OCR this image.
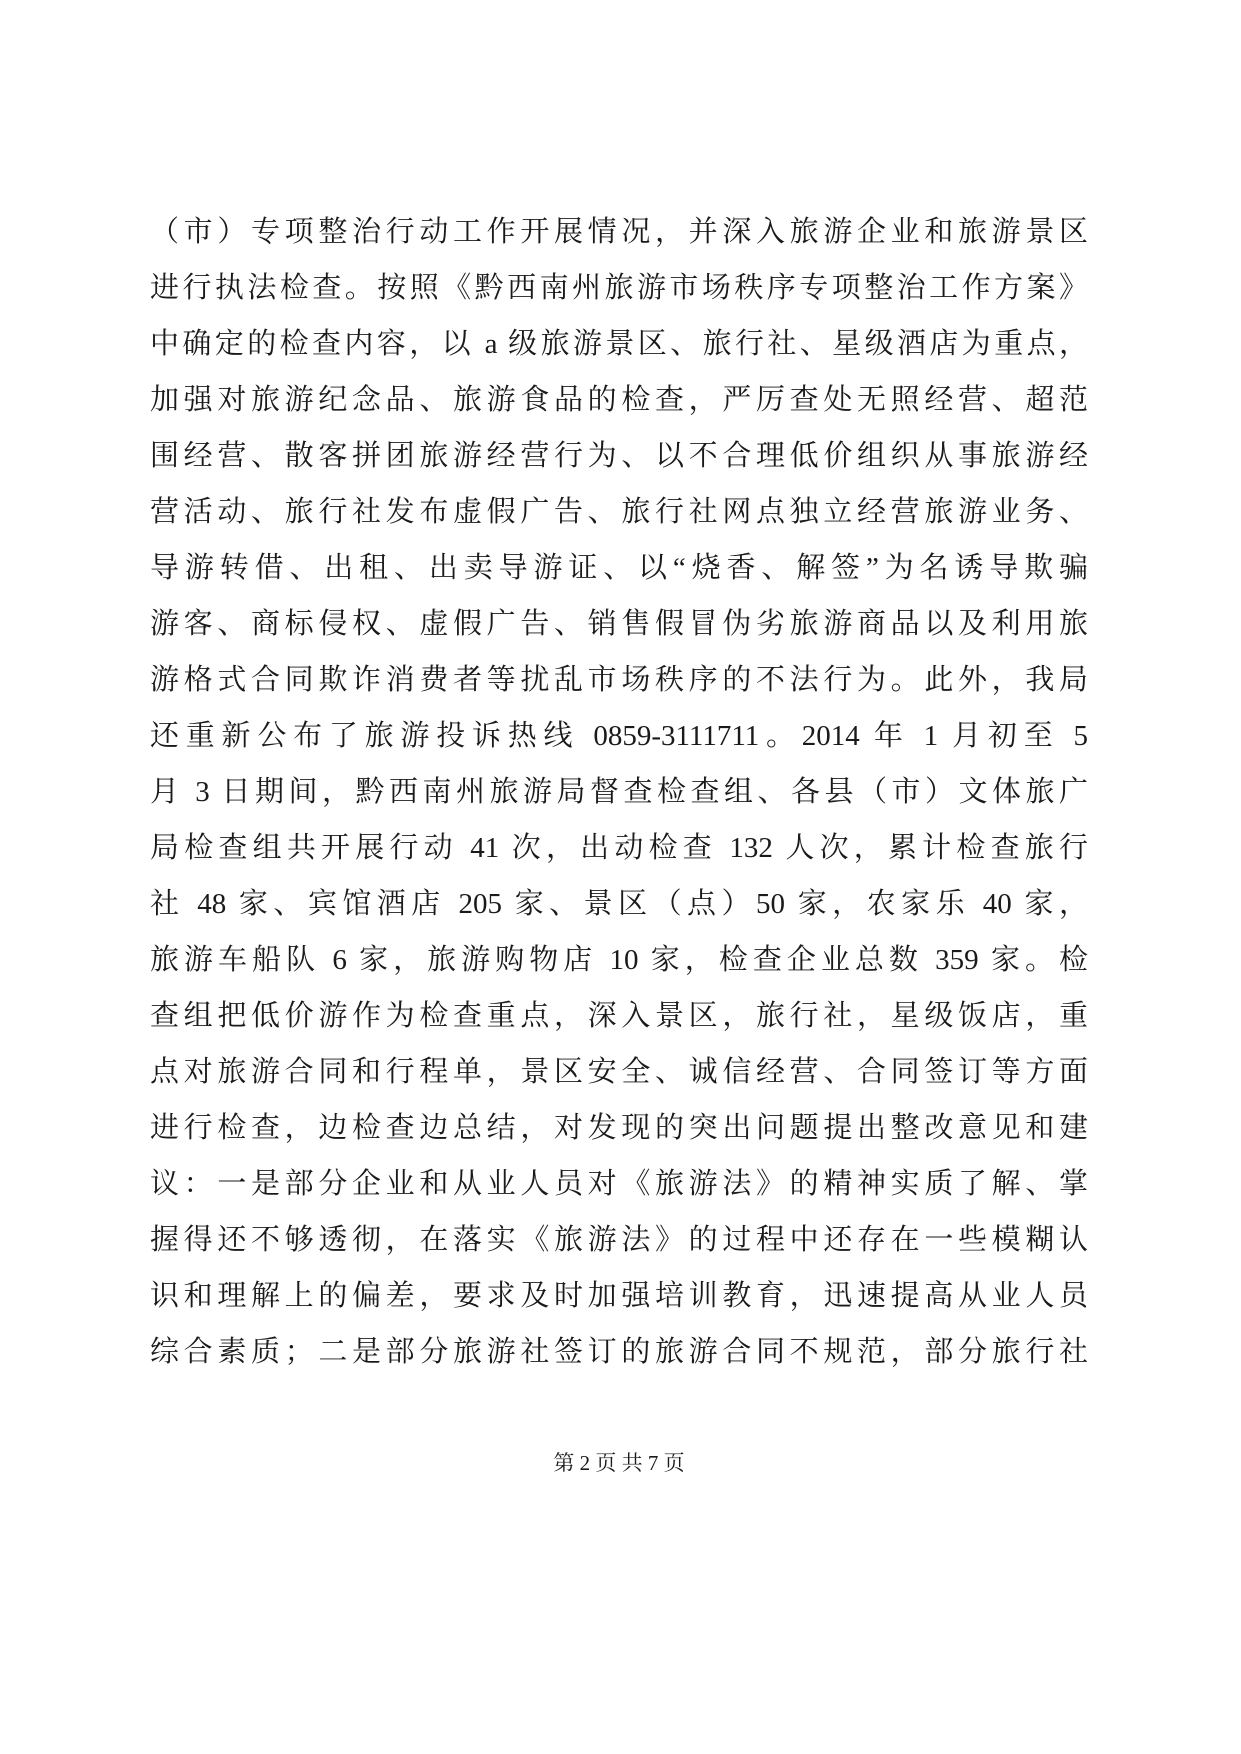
（市）专项整治行动工作开展情况，并深入旅游企业和旅游景区
进行执法检查。按照《黔西南州旅游市场秩序专项整治工作方案》
中确定的检查内容，以 a 级旅游景区、旅行社、星级酒店为重点，
加强对旅游纪念品、旅游食品的检查，严厉查处无照经营、超范
围经营、散客拼团旅游经营行为、以不合理低价组织从事旅游经
营活动、旅行社发布虚假广告、旅行社网点独立经营旅游业务、
导游转借、出租、出卖导游证、以“烧香、解签”为名诱导欺骗
游客、商标侵权、虚假广告、销售假冒伪劣旅游商品以及利用旅
游格式合同欺诈消费者等扰乱市场秩序的不法行为。此外，我局
还重新公布了旅游投诉热线 0859-3111711。2014 年 1 月初至 5
月 3 日期间，黔西南州旅游局督查检查组、各县（市）文体旅广
局检查组共开展行动 41 次，出动检查 132 人次，累计检查旅行
社 48 家、宾馆酒店 205 家、景区（点）50 家，农家乐 40 家，
旅游车船队 6 家，旅游购物店 10 家，检查企业总数 359 家。检
查组把低价游作为检查重点，深入景区，旅行社，星级饭店，重
点对旅游合同和行程单，景区安全、诚信经营、合同签订等方面
进行检查，边检查边总结，对发现的突出问题提出整改意见和建
议：一是部分企业和从业人员对《旅游法》的精神实质了解、掌
握得还不够透彻，在落实《旅游法》的过程中还存在一些模糊认
识和理解上的偏差，要求及时加强培训教育，迅速提高从业人员
综合素质；二是部分旅游社签订的旅游合同不规范，部分旅行社
第 2 页 共 7 页
